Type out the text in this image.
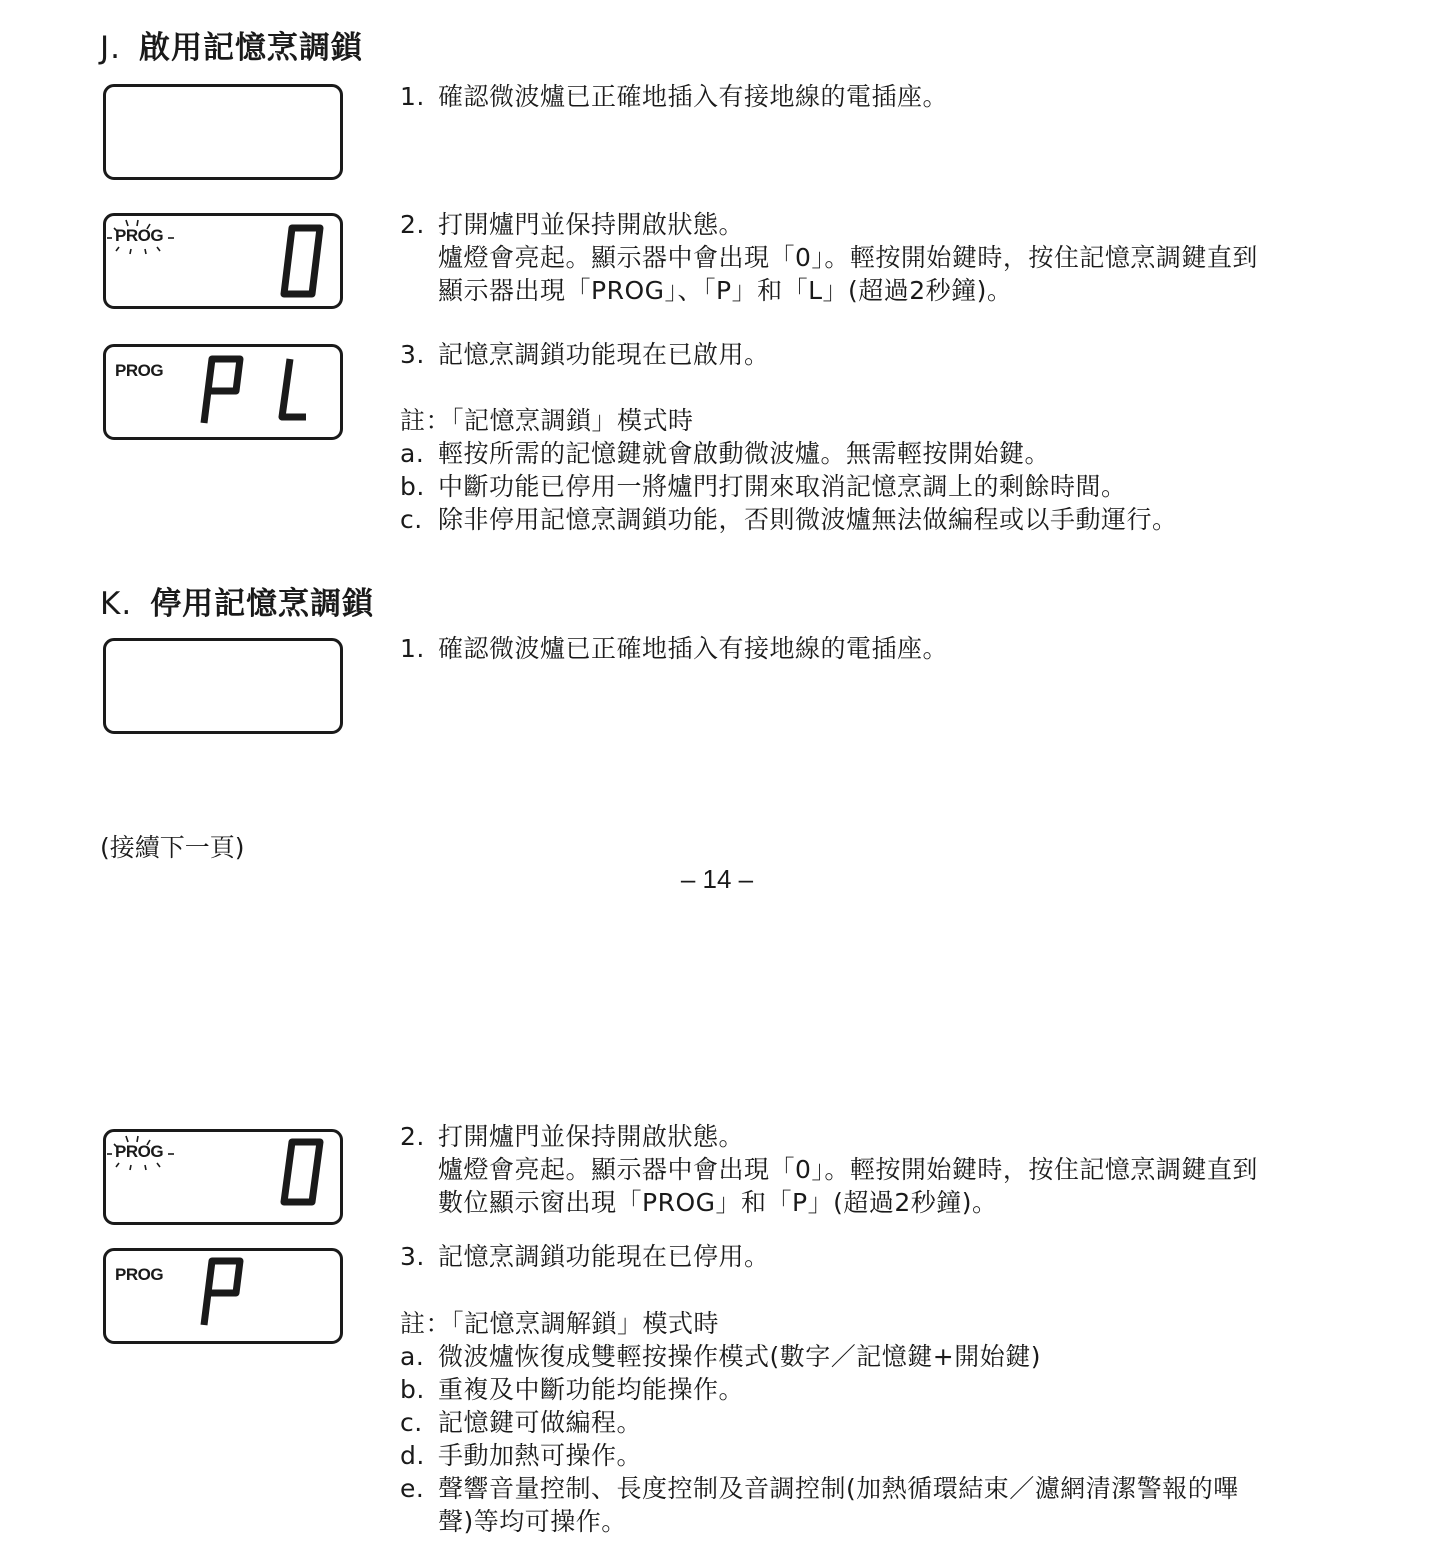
J. 啟用記憶烹調鎖
PROG
PROG
1. 確認微波爐已正確地插入有接地線的電插座。
2. 打開爐門並保持開啟狀態。
爐燈會亮起。顯示器中會出現「0」。輕按開始鍵時，按住記憶烹調鍵直到
顯示器出現「PROG」、「P」和「L」(超過2秒鐘)。
3. 記憶烹調鎖功能現在已啟用。
註：「記憶烹調鎖」模式時
a. 輕按所需的記憶鍵就會啟動微波爐。無需輕按開始鍵。
b. 中斷功能已停用一將爐門打開來取消記憶烹調上的剩餘時間。
c. 除非停用記憶烹調鎖功能，否則微波爐無法做編程或以手動運行。
K. 停用記憶烹調鎖
1. 確認微波爐已正確地插入有接地線的電插座。
(接續下一頁)
– 14 –
PROG
PROG
2. 打開爐門並保持開啟狀態。
爐燈會亮起。顯示器中會出現「0」。輕按開始鍵時，按住記憶烹調鍵直到
數位顯示窗出現「PROG」和「P」(超過2秒鐘)。
3. 記憶烹調鎖功能現在已停用。
註：「記憶烹調解鎖」模式時
a. 微波爐恢復成雙輕按操作模式(數字／記憶鍵+開始鍵)
b. 重複及中斷功能均能操作。
c. 記憶鍵可做編程。
d. 手動加熱可操作。
e. 聲響音量控制、長度控制及音調控制(加熱循環結束／濾網清潔警報的嗶
聲)等均可操作。
